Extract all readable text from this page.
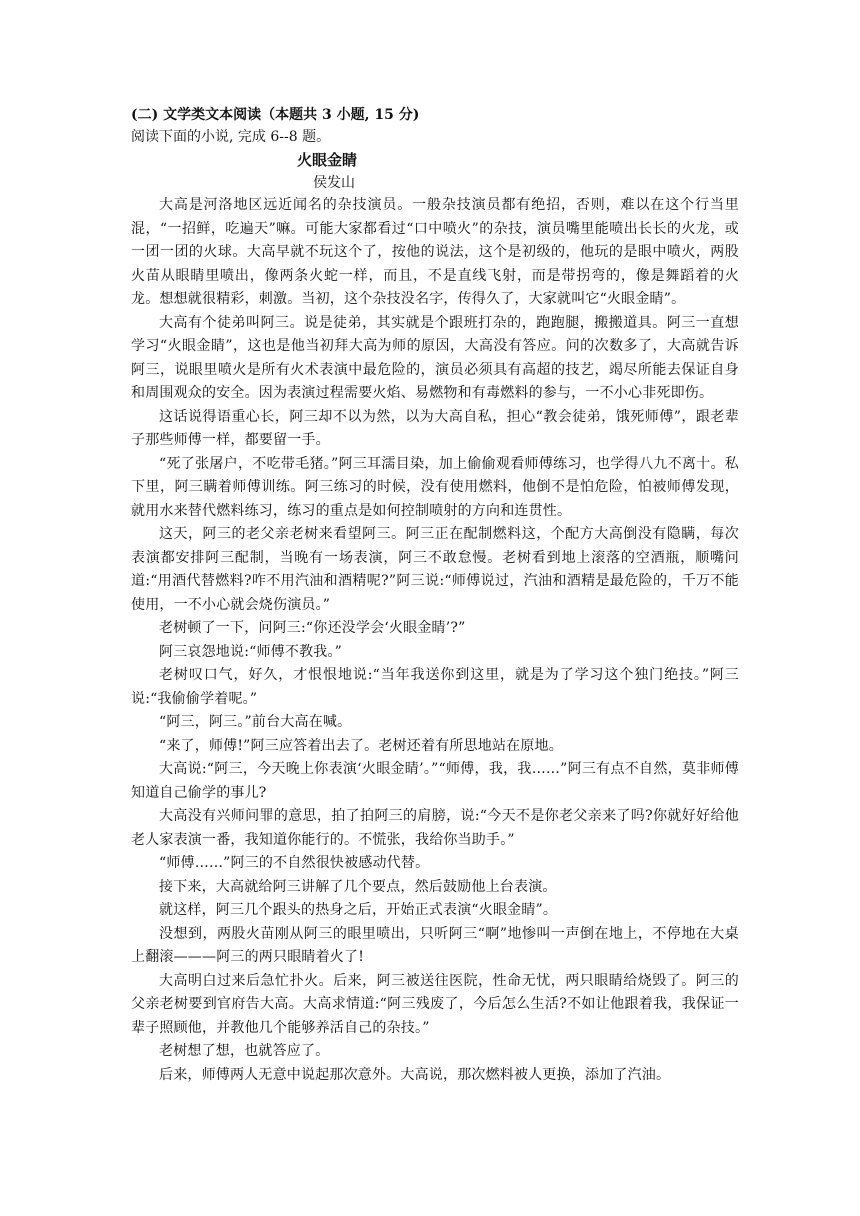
(二) 文学类文本阅读（本题共 3 小题, 15 分)

阅读下面的小说, 完成 6--8 题。

火眼金睛

侯发山

大高是河洛地区远近闻名的杂技演员。一般杂技演员都有绝招，否则，难以在这个行当里混，“一招鲜，吃遍天”嘛。可能大家都看过“口中喷火”的杂技，演员嘴里能喷出长长的火龙，或一团一团的火球。大高早就不玩这个了，按他的说法，这个是初级的，他玩的是眼中喷火，两股火苗从眼睛里喷出，像两条火蛇一样，而且，不是直线飞射，而是带拐弯的，像是舞蹈着的火龙。想想就很精彩，刺激。当初，这个杂技没名字，传得久了，大家就叫它“火眼金睛”。

大高有个徒弟叫阿三。说是徒弟，其实就是个跟班打杂的，跑跑腿，搬搬道具。阿三一直想学习“火眼金睛”，这也是他当初拜大高为师的原因，大高没有答应。问的次数多了，大高就告诉阿三，说眼里喷火是所有火术表演中最危险的，演员必须具有高超的技艺，竭尽所能去保证自身和周围观众的安全。因为表演过程需要火焰、易燃物和有毒燃料的参与，一不小心非死即伤。

这话说得语重心长，阿三却不以为然，以为大高自私，担心“教会徒弟，饿死师傅”，跟老辈子那些师傅一样，都要留一手。

“死了张屠户，不吃带毛猪。”阿三耳濡目染，加上偷偷观看师傅练习，也学得八九不离十。私下里，阿三瞒着师傅训练。阿三练习的时候，没有使用燃料，他倒不是怕危险，怕被师傅发现，就用水来替代燃料练习，练习的重点是如何控制喷射的方向和连贯性。

这天，阿三的老父亲老树来看望阿三。阿三正在配制燃料这，个配方大高倒没有隐瞒，每次表演都安排阿三配制，当晚有一场表演，阿三不敢怠慢。老树看到地上滚落的空酒瓶，顺嘴问道:“用酒代替燃料?咋不用汽油和酒精呢?”阿三说:“师傅说过，汽油和酒精是最危险的，千万不能使用，一不小心就会烧伤演员。”

老树顿了一下，问阿三:“你还没学会‘火眼金睛’?”

阿三哀怨地说:“师傅不教我。”

老树叹口气，好久，才恨恨地说:“当年我送你到这里，就是为了学习这个独门绝技。”阿三说:“我偷偷学着呢。”

“阿三，阿三。”前台大高在喊。

“来了，师傅!”阿三应答着出去了。老树还着有所思地站在原地。

大高说:“阿三，今天晚上你表演‘火眼金睛’。”“师傅，我，我……”阿三有点不自然，莫非师傅知道自己偷学的事儿?

大高没有兴师问罪的意思，拍了拍阿三的肩膀，说:“今天不是你老父亲来了吗?你就好好给他老人家表演一番，我知道你能行的。不慌张，我给你当助手。”

“师傅……”阿三的不自然很快被感动代替。

接下来，大高就给阿三讲解了几个要点，然后鼓励他上台表演。

就这样，阿三几个跟头的热身之后，开始正式表演“火眼金睛”。

没想到，两股火苗刚从阿三的眼里喷出，只听阿三“啊”地惨叫一声倒在地上，不停地在大桌上翻滚———阿三的两只眼睛着火了!

大高明白过来后急忙扑火。后来，阿三被送往医院，性命无忧，两只眼睛给烧毁了。阿三的父亲老树要到官府告大高。大高求情道:“阿三残废了，今后怎么生活?不如让他跟着我，我保证一辈子照顾他，并教他几个能够养活自己的杂技。”

老树想了想，也就答应了。

后来，师傅两人无意中说起那次意外。大高说，那次燃料被人更换，添加了汽油。
